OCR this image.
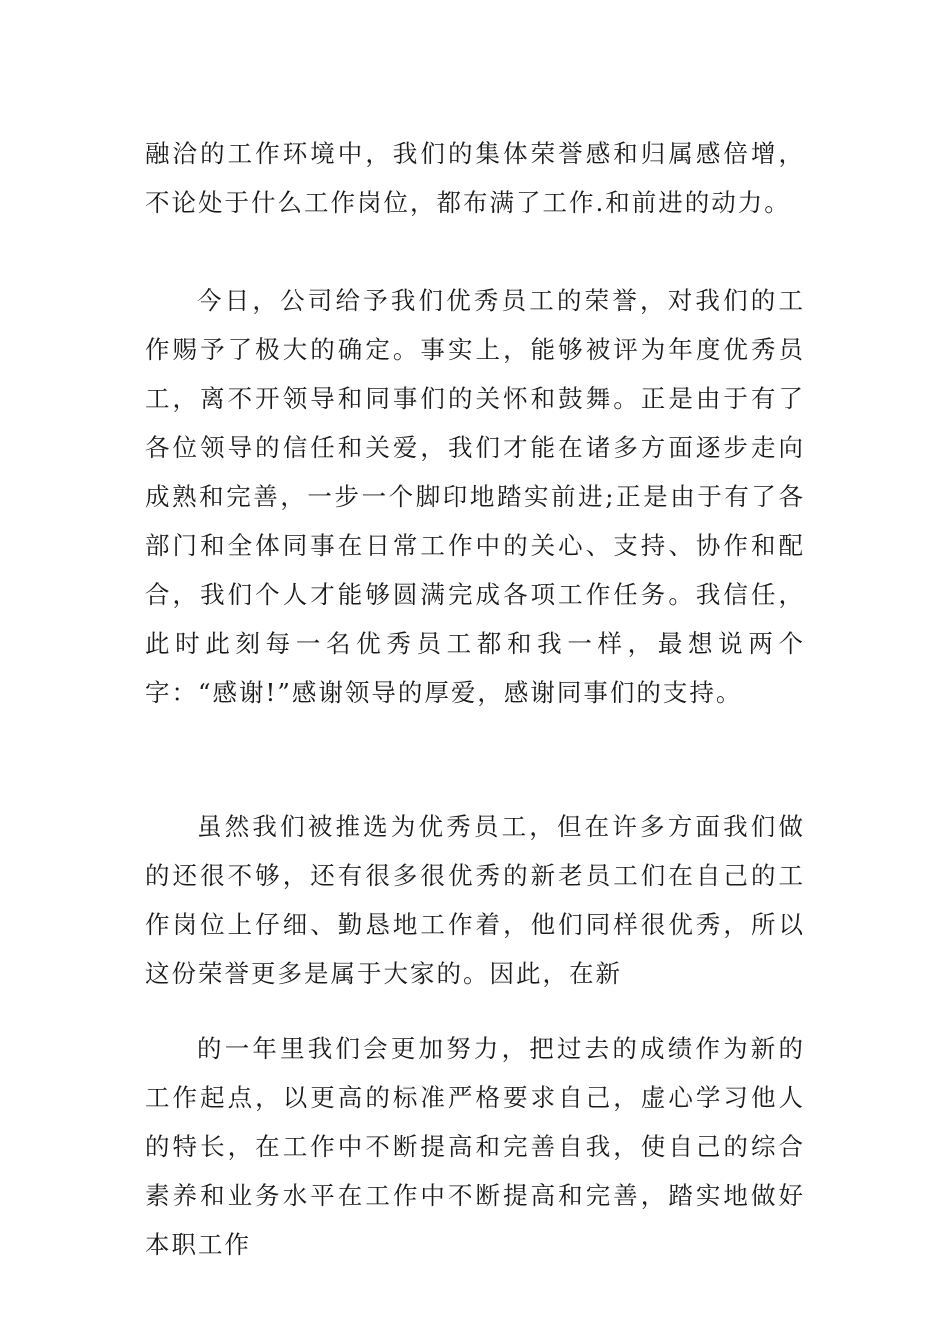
融洽的工作环境中，我们的集体荣誉感和归属感倍增，不论处于什么工作岗位，都布满了工作.和前进的动力。

今日，公司给予我们优秀员工的荣誉，对我们的工作赐予了极大的确定。事实上，能够被评为年度优秀员工，离不开领导和同事们的关怀和鼓舞。正是由于有了各位领导的信任和关爱，我们才能在诸多方面逐步走向成熟和完善，一步一个脚印地踏实前进;正是由于有了各部门和全体同事在日常工作中的关心、支持、协作和配合，我们个人才能够圆满完成各项工作任务。我信任，此时此刻每一名优秀员工都和我一样，最想说两个字：“感谢!”感谢领导的厚爱，感谢同事们的支持。

虽然我们被推选为优秀员工，但在许多方面我们做的还很不够，还有很多很优秀的新老员工们在自己的工作岗位上仔细、勤恳地工作着，他们同样很优秀，所以这份荣誉更多是属于大家的。因此，在新

的一年里我们会更加努力，把过去的成绩作为新的工作起点，以更高的标准严格要求自己，虚心学习他人的特长，在工作中不断提高和完善自我，使自己的综合素养和业务水平在工作中不断提高和完善，踏实地做好本职工作
